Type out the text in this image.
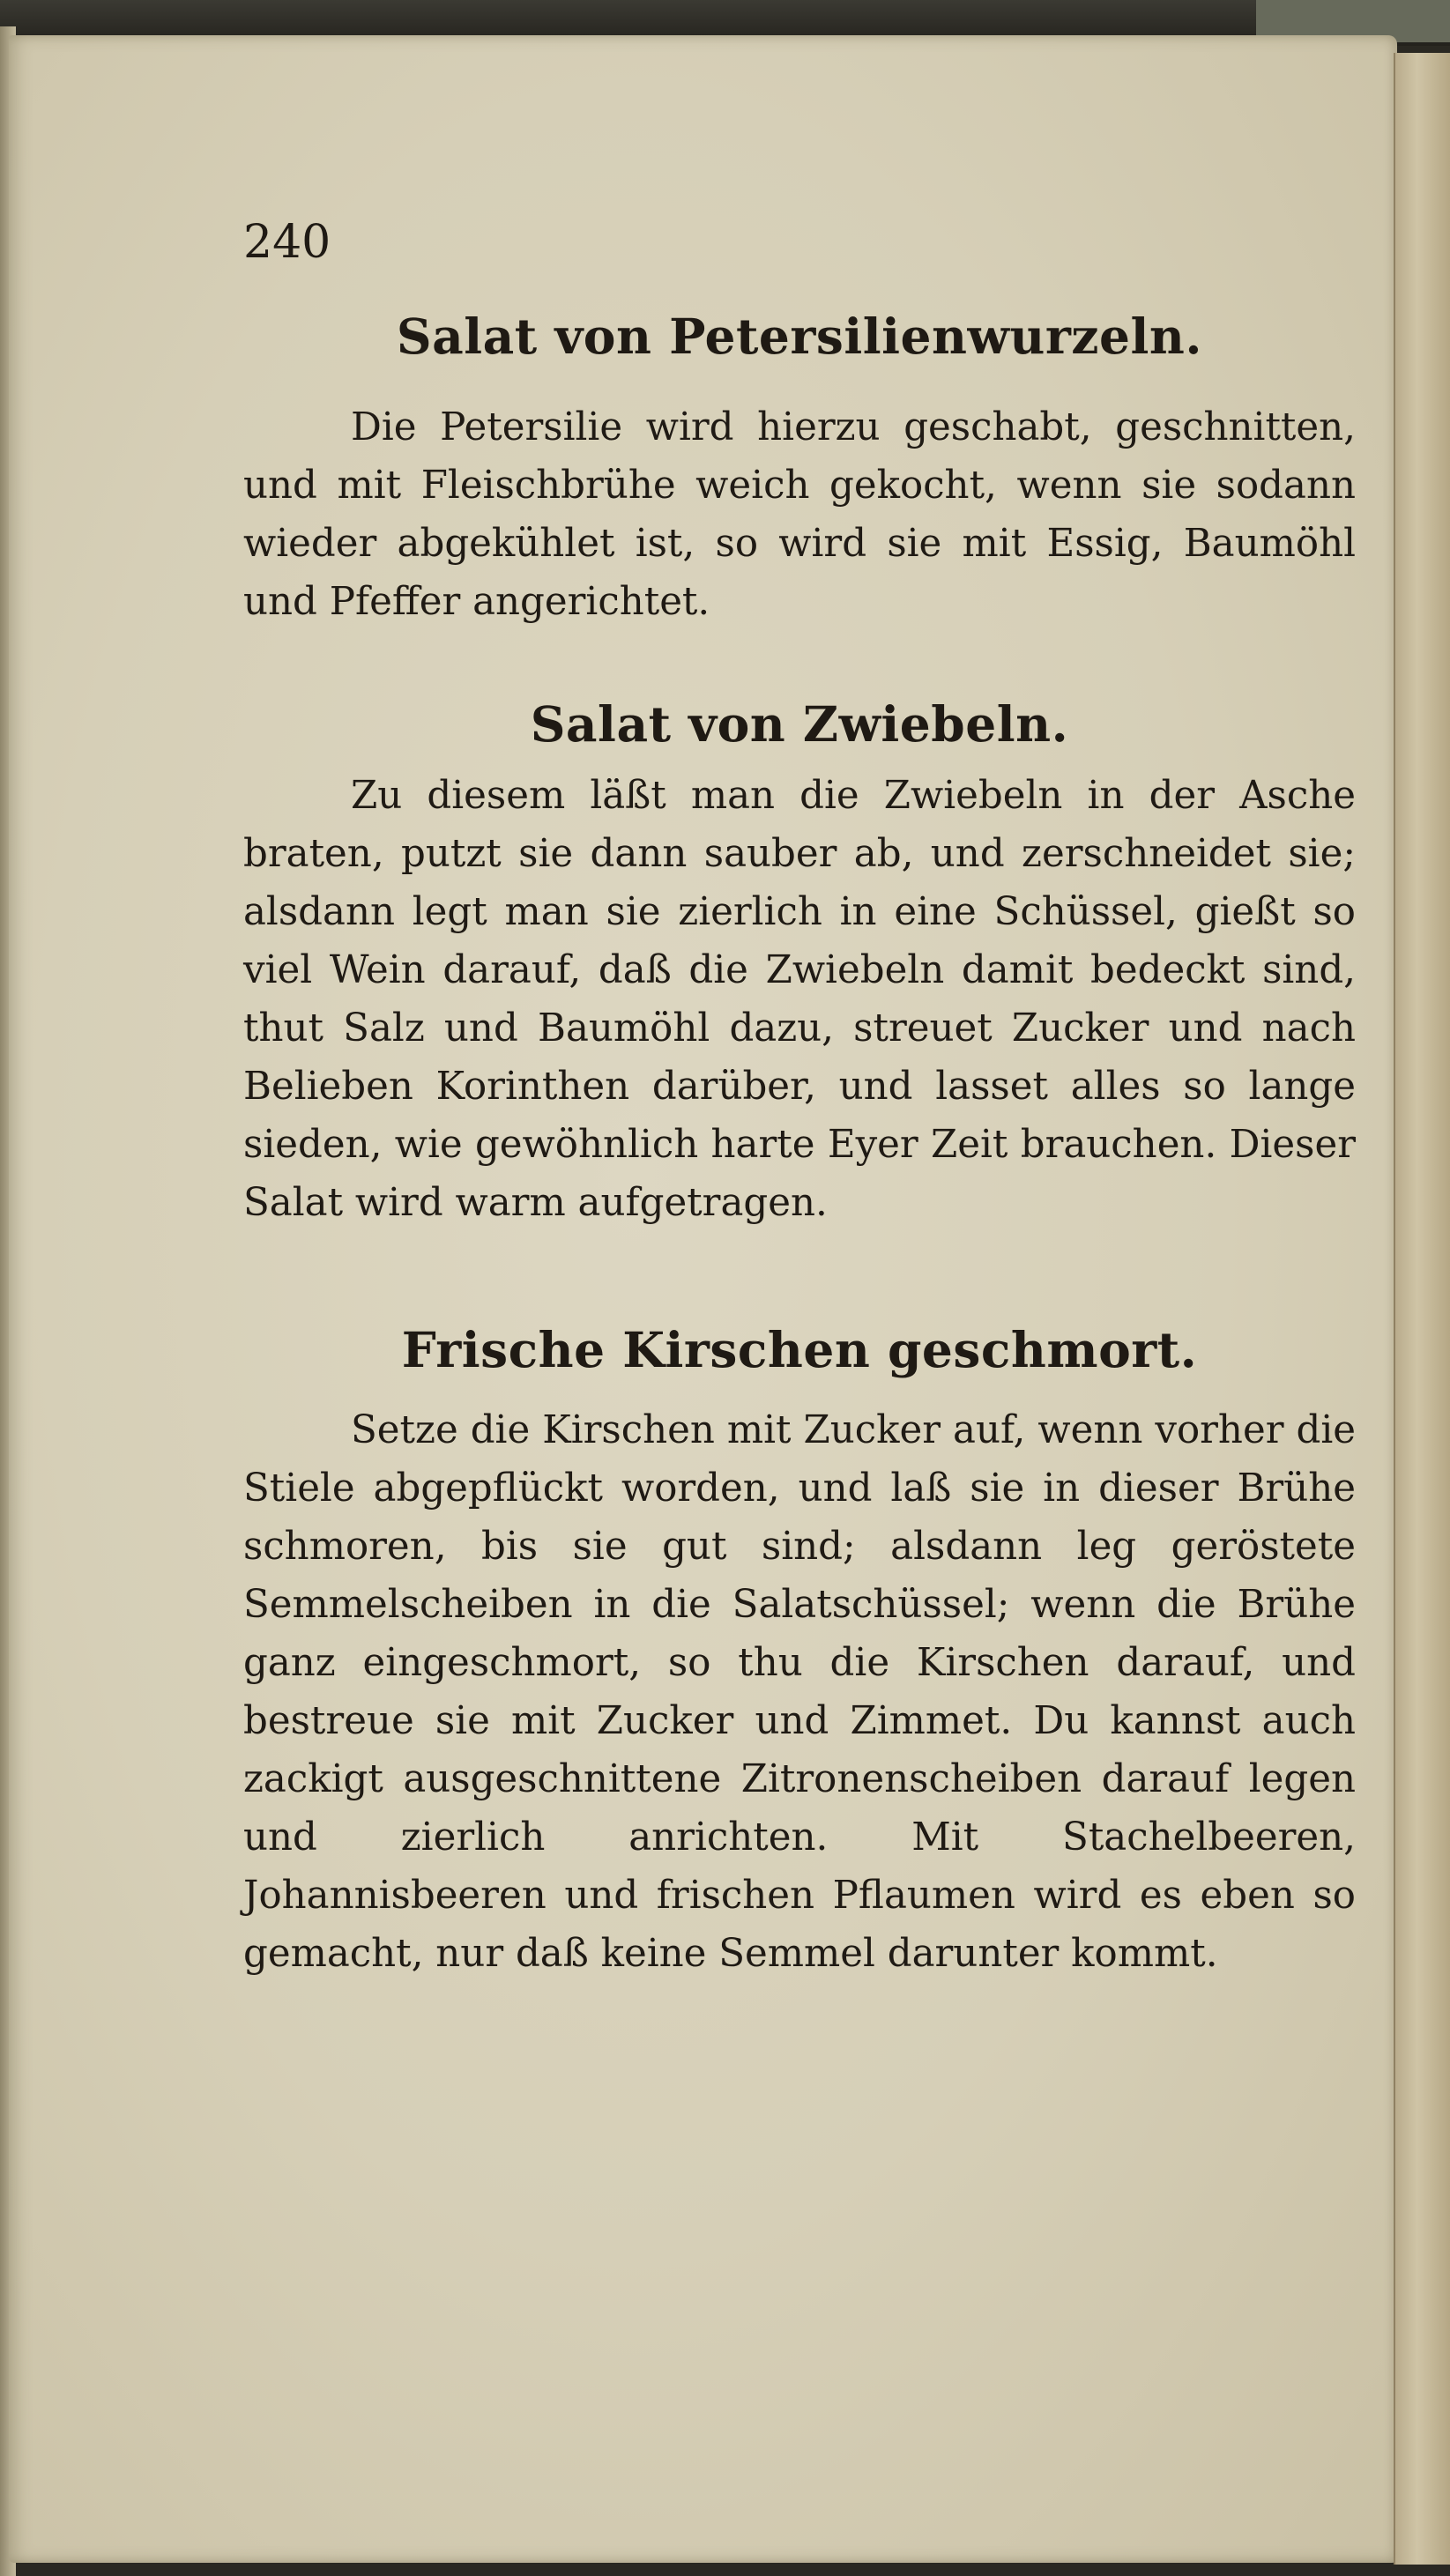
240

Salat von Petersilienwurzeln.

Die Petersilie wird hierzu geschabt, geschnitten, und mit Fleischbrühe weich gekocht, wenn sie sodann wieder abgekühlet ist, so wird sie mit Essig, Baumöhl und Pfeffer angerichtet.

Salat von Zwiebeln.

Zu diesem läßt man die Zwiebeln in der Asche braten, putzt sie dann sauber ab, und zerschneidet sie; alsdann legt man sie zierlich in eine Schüssel, gießt so viel Wein darauf, daß die Zwiebeln damit bedeckt sind, thut Salz und Baumöhl dazu, streuet Zucker und nach Belieben Korinthen darüber, und lasset alles so lange sieden, wie gewöhnlich harte Eyer Zeit brauchen. Dieser Salat wird warm aufgetragen.

Frische Kirschen geschmort.

Setze die Kirschen mit Zucker auf, wenn vorher die Stiele abgepflückt worden, und laß sie in dieser Brühe schmoren, bis sie gut sind; alsdann leg geröstete Semmelscheiben in die Salatschüssel; wenn die Brühe ganz eingeschmort, so thu die Kirschen darauf, und bestreue sie mit Zucker und Zimmet. Du kannst auch zackigt ausgeschnittene Zitronenscheiben darauf legen und zierlich anrichten. Mit Stachelbeeren, Johannisbeeren und frischen Pflaumen wird es eben so gemacht, nur daß keine Semmel darunter kommt.
